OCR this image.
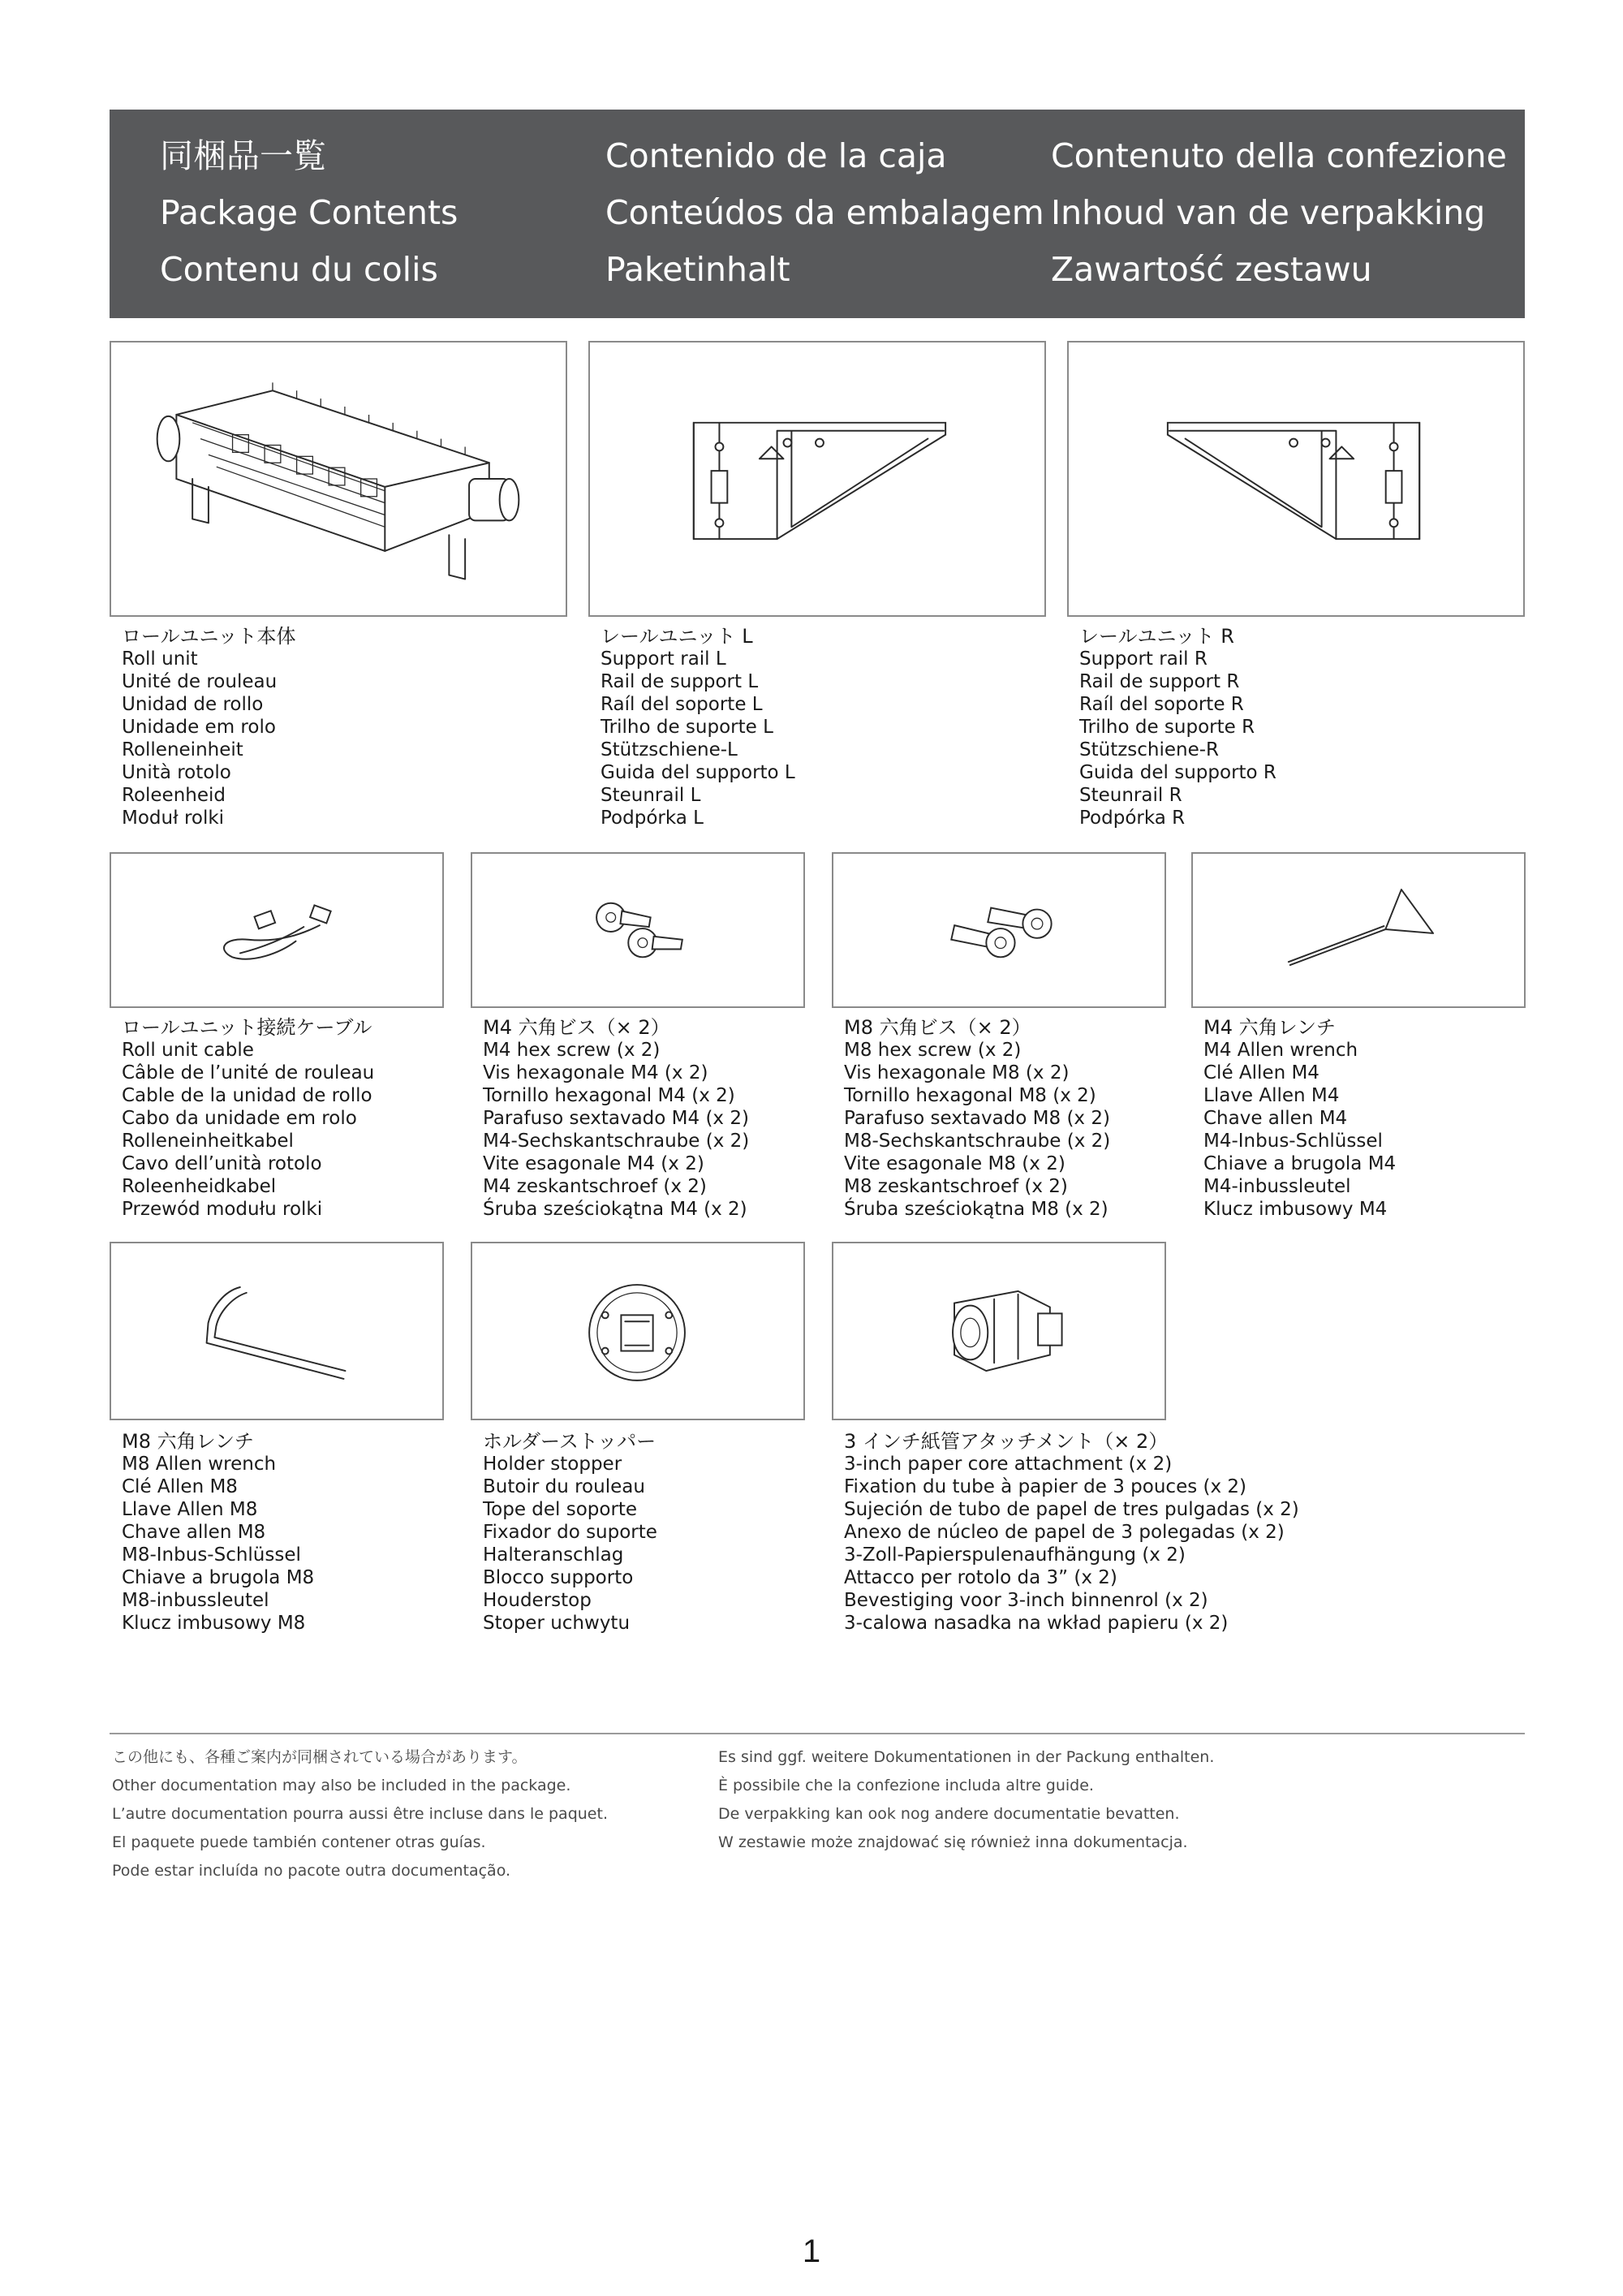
同梱品一覧	Contenido de la caja	Contenuto della confezione
Package Contents	Conteúdos da embalagem Inhoud van de verpakking
Contenu du colis	Paketinhalt	Zawartość zestawu
ロールユニット本体
Roll unit
Unité de rouleau
Unidad de rollo
Unidade em rolo
Rolleneinheit
Unità rotolo
Roleenheid
Moduł rolki
レールユニット L
Support rail L
Rail de support L
Raíl del soporte L
Trilho de suporte L
Stützschiene-L
Guida del supporto L
Steunrail L
Podpórka L
レールユニット R
Support rail R
Rail de support R
Raíl del soporte R
Trilho de suporte R
Stützschiene-R
Guida del supporto R
Steunrail R
Podpórka R
ロールユニット接続ケーブル
Roll unit cable
Câble de l’unité de rouleau
Cable de la unidad de rollo
Cabo da unidade em rolo
Rolleneinheitkabel
Cavo dell’unità rotolo
Roleenheidkabel
Przewód modułu rolki
M4 六角ビス（× 2）
M4 hex screw (x 2)
Vis hexagonale M4 (x 2)
Tornillo hexagonal M4 (x 2)
Parafuso sextavado M4 (x 2)
M4-Sechskantschraube (x 2)
Vite esagonale M4 (x 2)
M4 zeskantschroef (x 2)
Śruba sześciokątna M4 (x 2)
M8 六角ビス（× 2）
M8 hex screw (x 2)
Vis hexagonale M8 (x 2)
Tornillo hexagonal M8 (x 2)
Parafuso sextavado M8 (x 2)
M8-Sechskantschraube (x 2)
Vite esagonale M8 (x 2)
M8 zeskantschroef (x 2)
Śruba sześciokątna M8 (x 2)
M4 六角レンチ
M4 Allen wrench
Clé Allen M4
Llave Allen M4
Chave allen M4
M4-Inbus-Schlüssel
Chiave a brugola M4
M4-inbussleutel
Klucz imbusowy M4
M8 六角レンチ
M8 Allen wrench
Clé Allen M8
Llave Allen M8
Chave allen M8
M8-Inbus-Schlüssel
Chiave a brugola M8
M8-inbussleutel
Klucz imbusowy M8
ホルダーストッパー
Holder stopper
Butoir du rouleau
Tope del soporte
Fixador do suporte
Halteranschlag
Blocco supporto
Houderstop
Stoper uchwytu
3 インチ紙管アタッチメント（× 2）
3-inch paper core attachment (x 2)
Fixation du tube à papier de 3 pouces (x 2)
Sujeción de tubo de papel de tres pulgadas (x 2)
Anexo de núcleo de papel de 3 polegadas (x 2)
3-Zoll-Papierspulenaufhängung (x 2)
Attacco per rotolo da 3” (x 2)
Bevestiging voor 3-inch binnenrol (x 2)
3-calowa nasadka na wkład papieru (x 2)
この他にも、各種ご案内が同梱されている場合があります。
Other documentation may also be included in the package.
L’autre documentation pourra aussi être incluse dans le paquet.
El paquete puede también contener otras guías.
Pode estar incluída no pacote outra documentação.
Es sind ggf. weitere Dokumentationen in der Packung enthalten.
È possibile che la confezione includa altre guide.
De verpakking kan ook nog andere documentatie bevatten.
W zestawie może znajdować się również inna dokumentacja.
1
